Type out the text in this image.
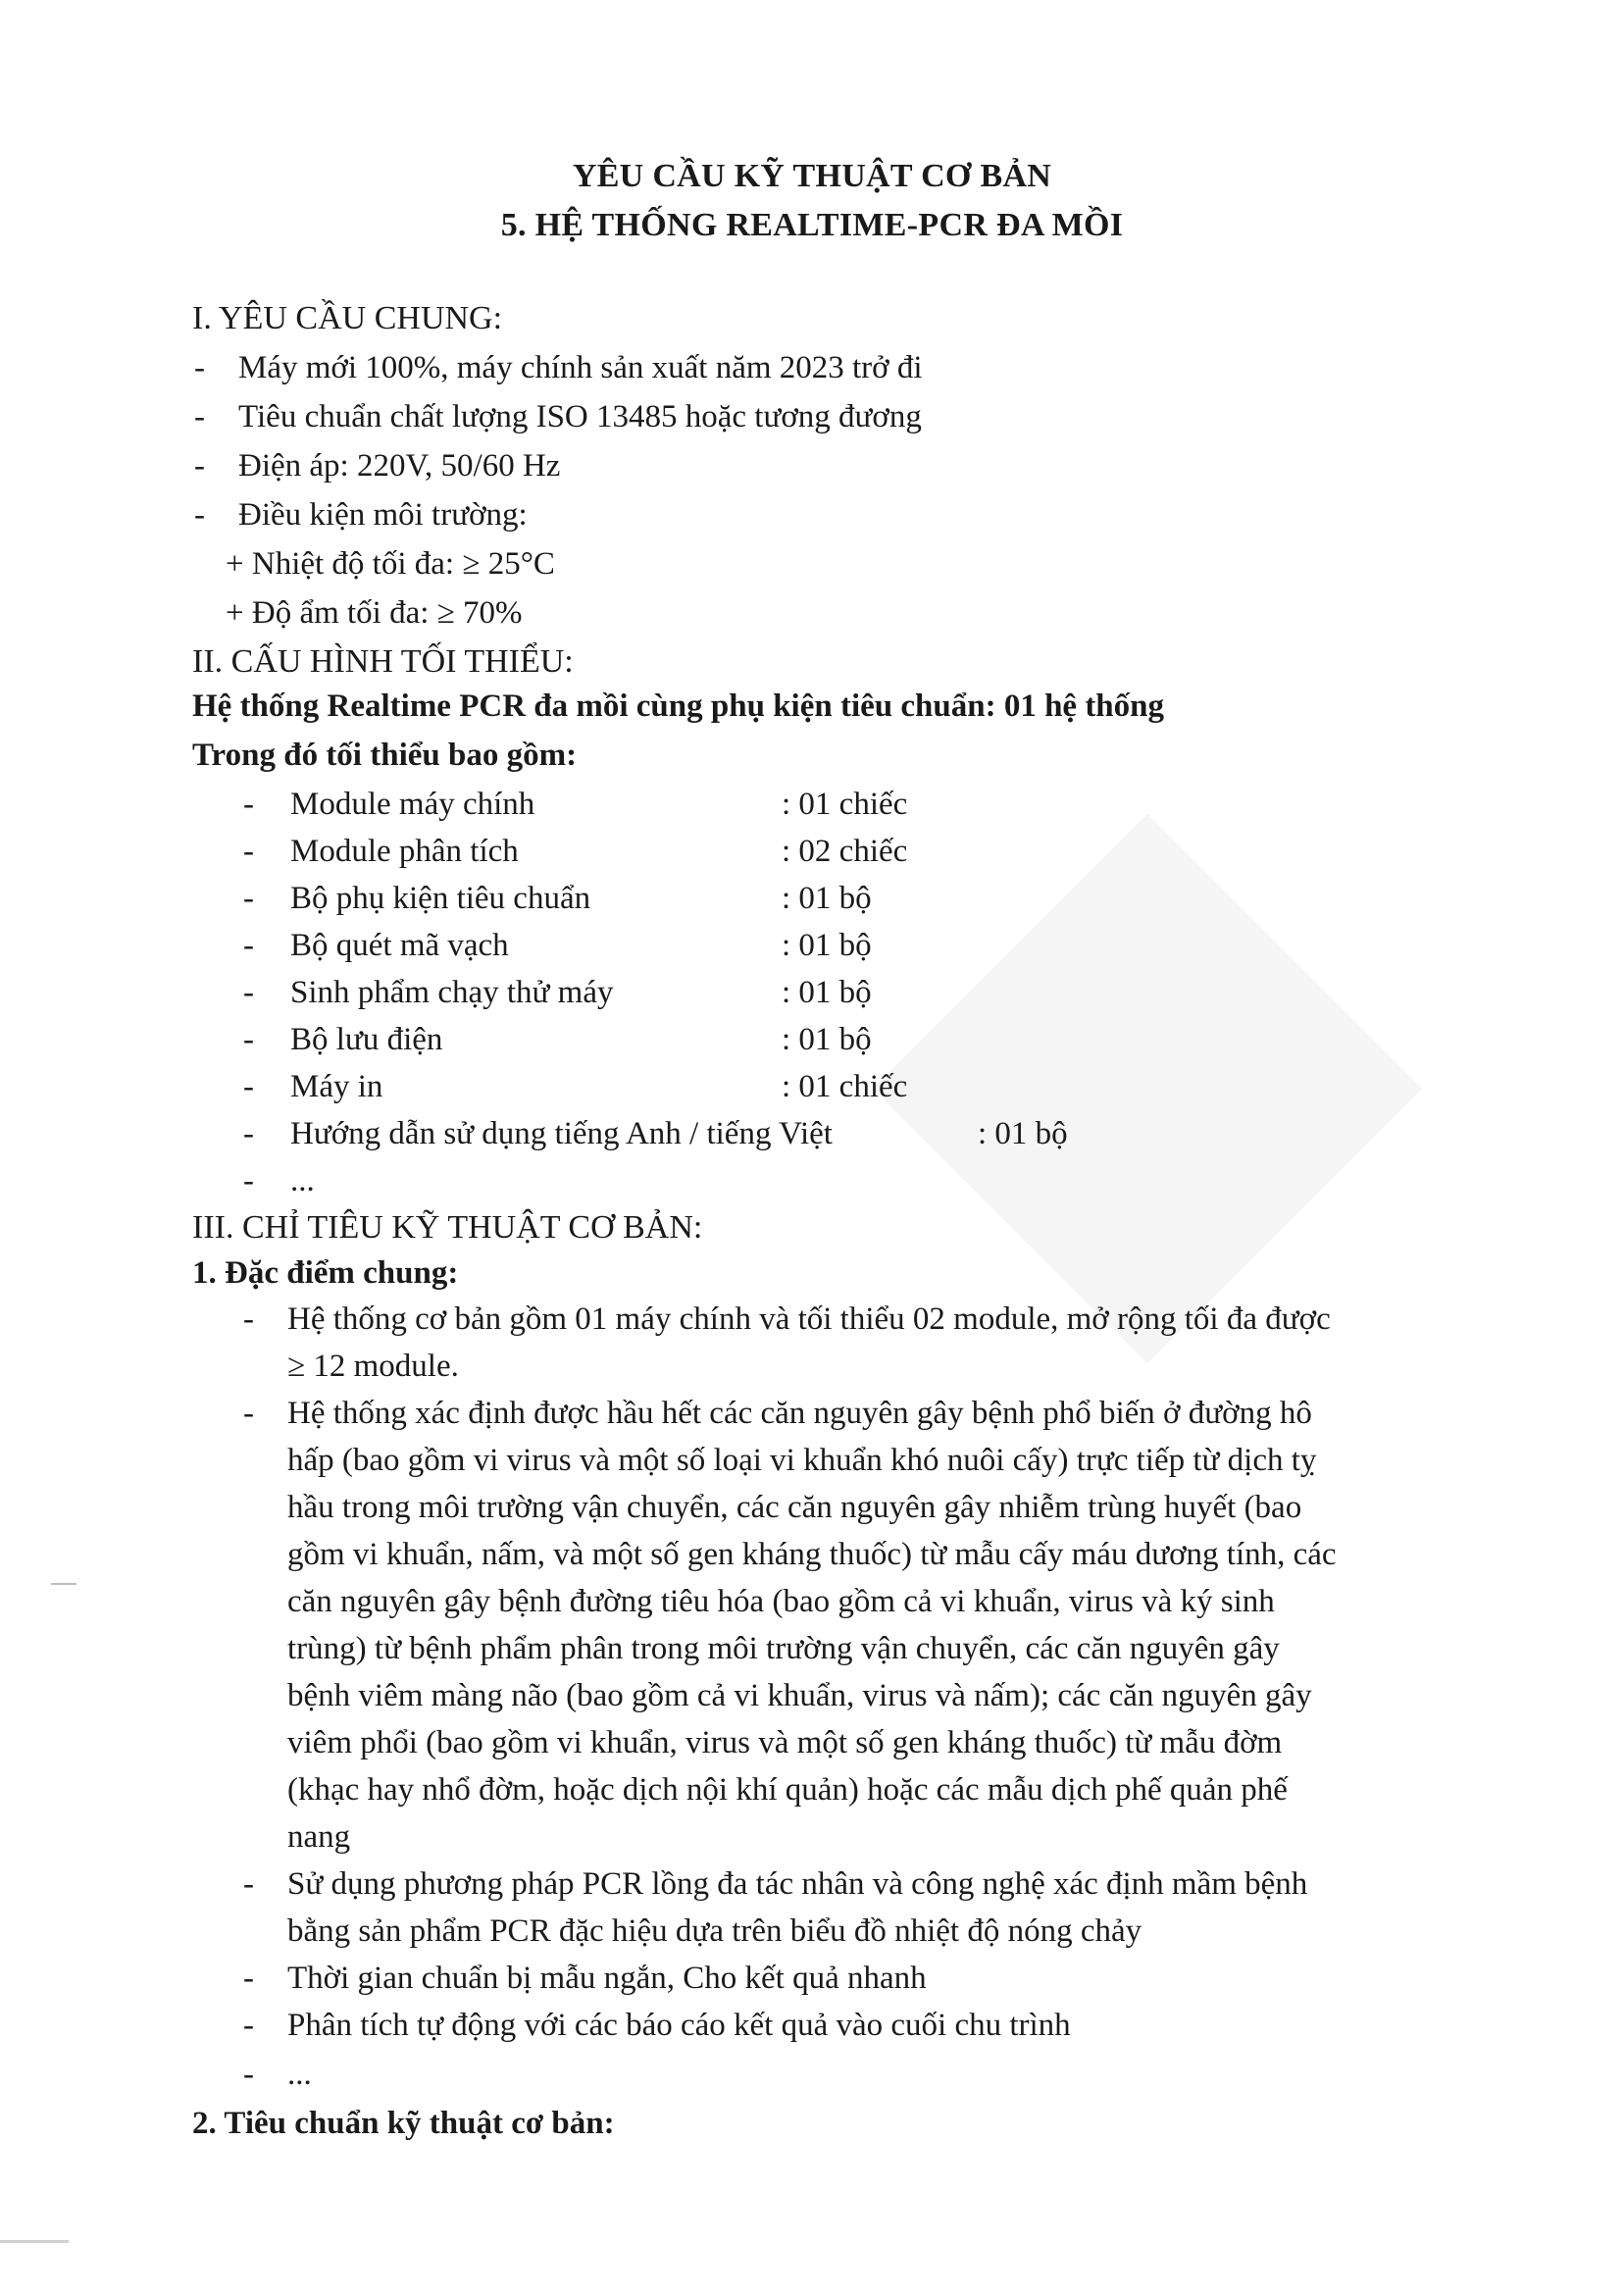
YÊU CẦU KỸ THUẬT CƠ BẢN
5. HỆ THỐNG REALTIME-PCR ĐA MỒI
I. YÊU CẦU CHUNG:
- Máy mới 100%, máy chính sản xuất năm 2023 trở đi
- Tiêu chuẩn chất lượng ISO 13485 hoặc tương đương
- Điện áp: 220V, 50/60 Hz
- Điều kiện môi trường:
+ Nhiệt độ tối đa: ≥ 25°C
+ Độ ẩm tối đa: ≥ 70%
II. CẤU HÌNH TỐI THIỂU:
Hệ thống Realtime PCR đa mồi cùng phụ kiện tiêu chuẩn: 01 hệ thống
Trong đó tối thiểu bao gồm:
- Module máy chính	: 01 chiếc
- Module phân tích	: 02 chiếc
- Bộ phụ kiện tiêu chuẩn	: 01 bộ
- Bộ quét mã vạch	: 01 bộ
- Sinh phẩm chạy thử máy	: 01 bộ
- Bộ lưu điện	: 01 bộ
- Máy in	: 01 chiếc
- Hướng dẫn sử dụng tiếng Anh / tiếng Việt	: 01 bộ
- ...
III. CHỈ TIÊU KỸ THUẬT CƠ BẢN:
1. Đặc điểm chung:
- Hệ thống cơ bản gồm 01 máy chính và tối thiểu 02 module, mở rộng tối đa được
≥ 12 module.
- Hệ thống xác định được hầu hết các căn nguyên gây bệnh phổ biến ở đường hô
hấp (bao gồm vi virus và một số loại vi khuẩn khó nuôi cấy) trực tiếp từ dịch tỵ
hầu trong môi trường vận chuyển, các căn nguyên gây nhiễm trùng huyết (bao
gồm vi khuẩn, nấm, và một số gen kháng thuốc) từ mẫu cấy máu dương tính, các
căn nguyên gây bệnh đường tiêu hóa (bao gồm cả vi khuẩn, virus và ký sinh
trùng) từ bệnh phẩm phân trong môi trường vận chuyển, các căn nguyên gây
bệnh viêm màng não (bao gồm cả vi khuẩn, virus và nấm); các căn nguyên gây
viêm phổi (bao gồm vi khuẩn, virus và một số gen kháng thuốc) từ mẫu đờm
(khạc hay nhổ đờm, hoặc dịch nội khí quản) hoặc các mẫu dịch phế quản phế
nang
- Sử dụng phương pháp PCR lồng đa tác nhân và công nghệ xác định mầm bệnh
bằng sản phẩm PCR đặc hiệu dựa trên biểu đồ nhiệt độ nóng chảy
- Thời gian chuẩn bị mẫu ngắn, Cho kết quả nhanh
- Phân tích tự động với các báo cáo kết quả vào cuối chu trình
- ...
2. Tiêu chuẩn kỹ thuật cơ bản:
